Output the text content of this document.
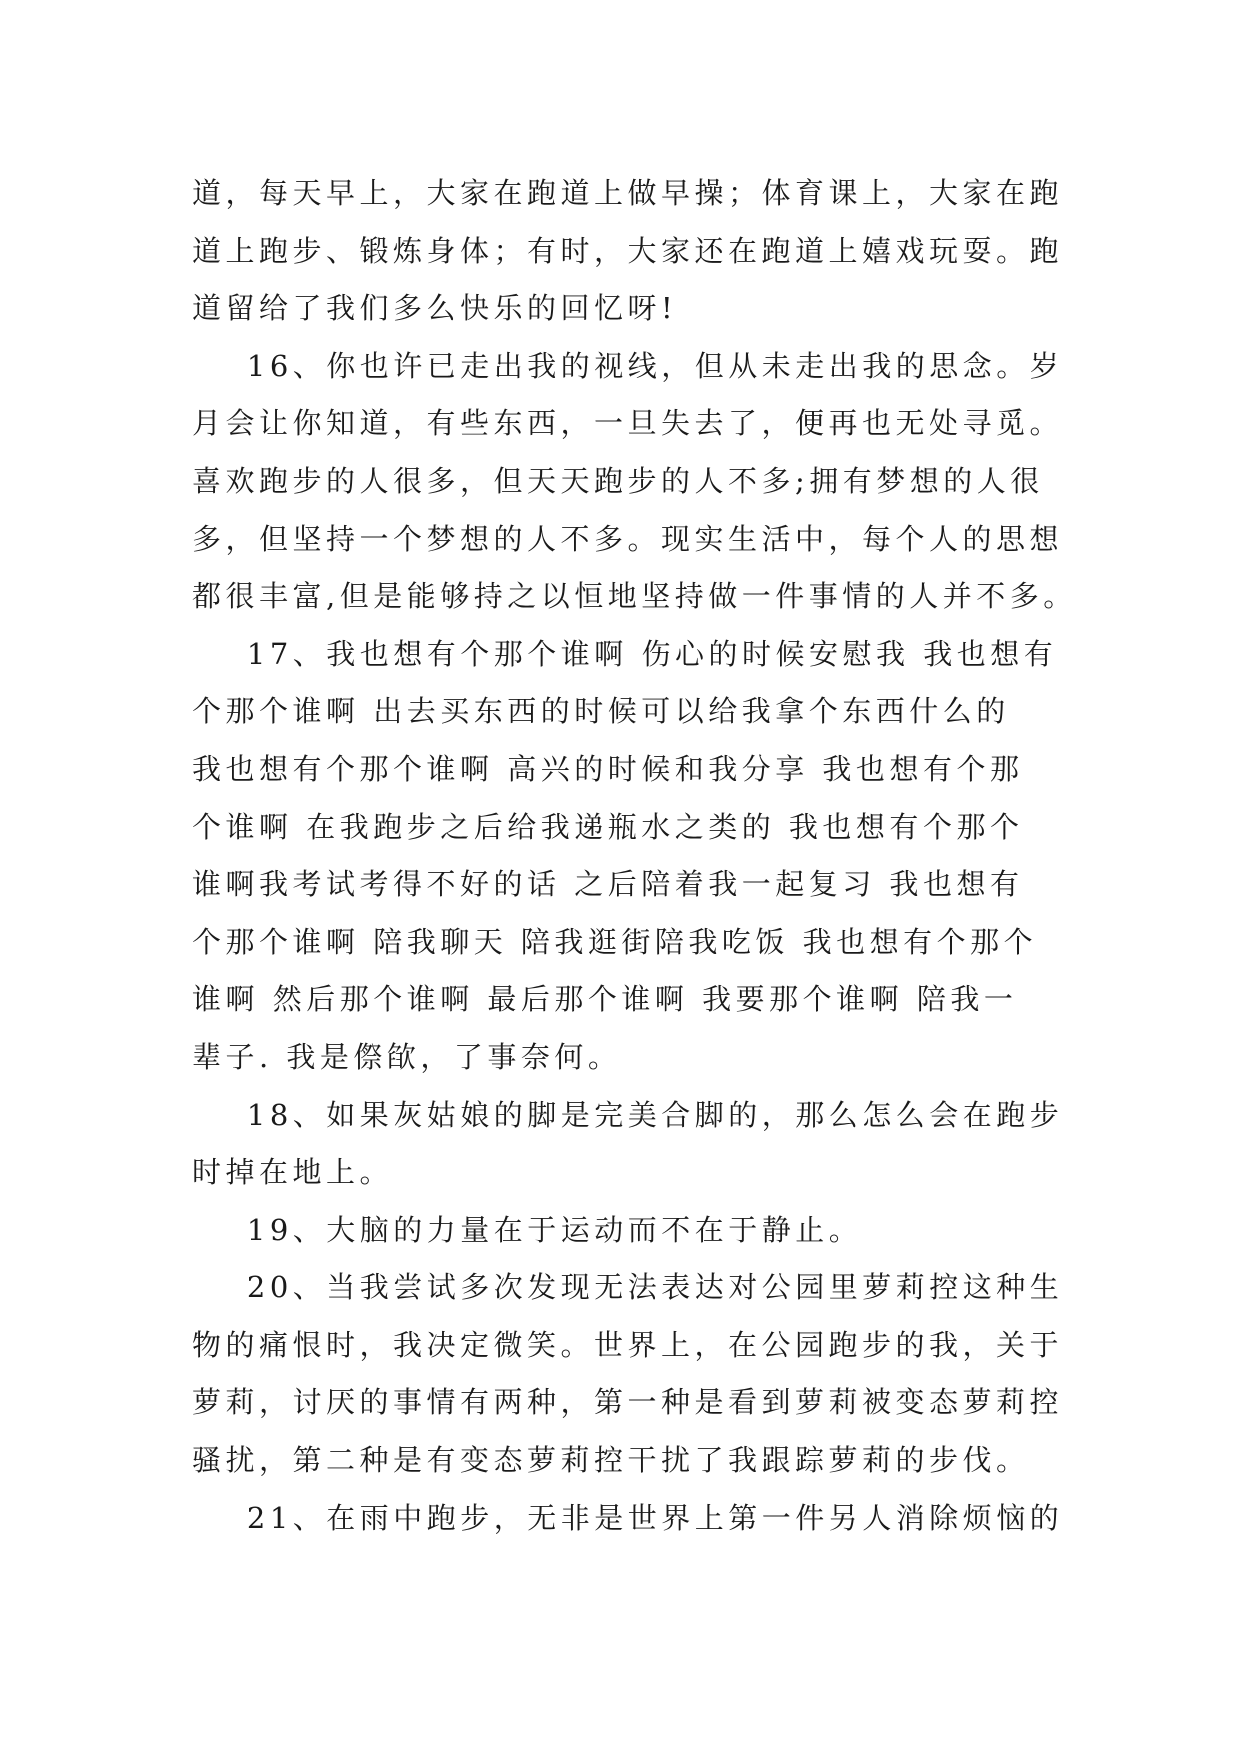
道，每天早上，大家在跑道上做早操；体育课上，大家在跑
道上跑步、锻炼身体；有时，大家还在跑道上嬉戏玩耍。跑
道留给了我们多么快乐的回忆呀!
16、你也许已走出我的视线，但从未走出我的思念。岁
月会让你知道，有些东西，一旦失去了，便再也无处寻觅。
喜欢跑步的人很多，但天天跑步的人不多;拥有梦想的人很
多，但坚持一个梦想的人不多。现实生活中，每个人的思想
都很丰富,但是能够持之以恒地坚持做一件事情的人并不多。
17、我也想有个那个谁啊 伤心的时候安慰我 我也想有
个那个谁啊 出去买东西的时候可以给我拿个东西什么的
我也想有个那个谁啊 高兴的时候和我分享 我也想有个那
个谁啊 在我跑步之后给我递瓶水之类的 我也想有个那个
谁啊我考试考得不好的话 之后陪着我一起复习 我也想有
个那个谁啊 陪我聊天 陪我逛街陪我吃饭 我也想有个那个
谁啊 然后那个谁啊 最后那个谁啊 我要那个谁啊 陪我一
辈子. 我是傺欿，了事奈何。
18、如果灰姑娘的脚是完美合脚的，那么怎么会在跑步
时掉在地上。
19、大脑的力量在于运动而不在于静止。
20、当我尝试多次发现无法表达对公园里萝莉控这种生
物的痛恨时，我决定微笑。世界上，在公园跑步的我，关于
萝莉，讨厌的事情有两种，第一种是看到萝莉被变态萝莉控
骚扰，第二种是有变态萝莉控干扰了我跟踪萝莉的步伐。
21、在雨中跑步，无非是世界上第一件另人消除烦恼的
